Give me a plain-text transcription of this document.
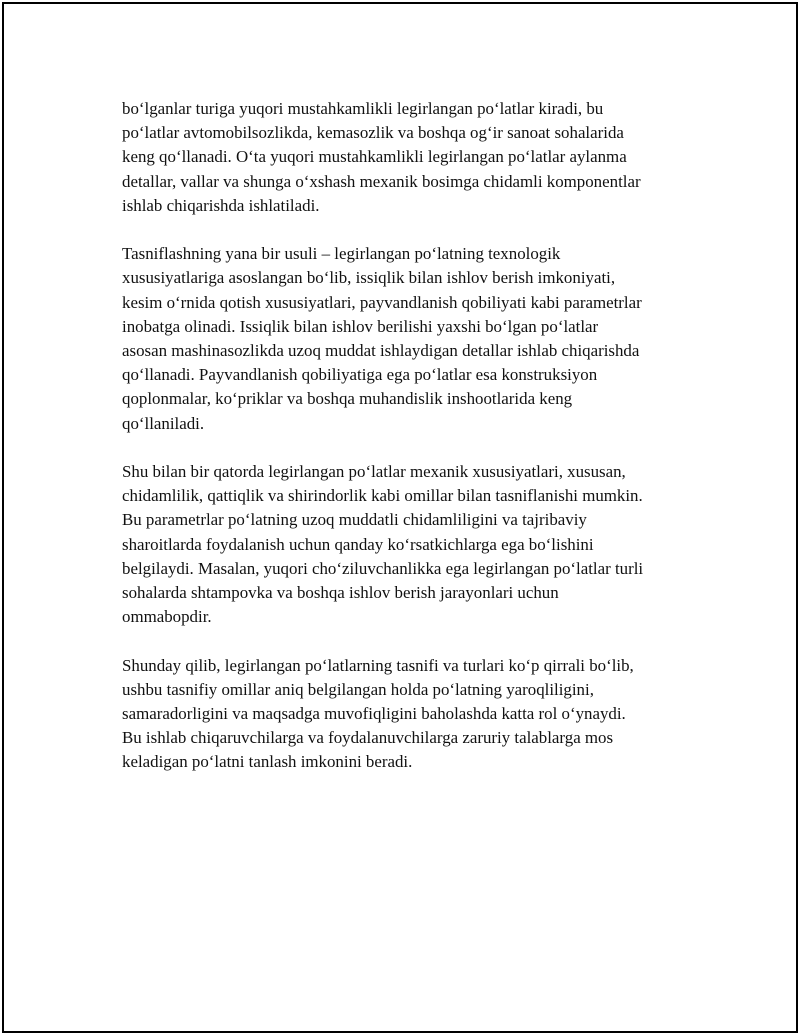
bo‘lganlar turiga yuqori mustahkamlikli legirlangan po‘latlar kiradi, bu
po‘latlar avtomobilsozlikda, kemasozlik va boshqa og‘ir sanoat sohalarida
keng qo‘llanadi. O‘ta yuqori mustahkamlikli legirlangan po‘latlar aylanma
detallar, vallar va shunga o‘xshash mexanik bosimga chidamli komponentlar
ishlab chiqarishda ishlatiladi.

Tasniflashning yana bir usuli – legirlangan po‘latning texnologik
xususiyatlariga asoslangan bo‘lib, issiqlik bilan ishlov berish imkoniyati,
kesim o‘rnida qotish xususiyatlari, payvandlanish qobiliyati kabi parametrlar
inobatga olinadi. Issiqlik bilan ishlov berilishi yaxshi bo‘lgan po‘latlar
asosan mashinasozlikda uzoq muddat ishlaydigan detallar ishlab chiqarishda
qo‘llanadi. Payvandlanish qobiliyatiga ega po‘latlar esa konstruksiyon
qoplonmalar, ko‘priklar va boshqa muhandislik inshootlarida keng
qo‘llaniladi.

Shu bilan bir qatorda legirlangan po‘latlar mexanik xususiyatlari, xususan,
chidamlilik, qattiqlik va shirindorlik kabi omillar bilan tasniflanishi mumkin.
Bu parametrlar po‘latning uzoq muddatli chidamliligini va tajribaviy
sharoitlarda foydalanish uchun qanday ko‘rsatkichlarga ega bo‘lishini
belgilaydi. Masalan, yuqori cho‘ziluvchanlikka ega legirlangan po‘latlar turli
sohalarda shtampovka va boshqa ishlov berish jarayonlari uchun
ommabopdir.

Shunday qilib, legirlangan po‘latlarning tasnifi va turlari ko‘p qirrali bo‘lib,
ushbu tasnifiy omillar aniq belgilangan holda po‘latning yaroqliligini,
samaradorligini va maqsadga muvofiqligini baholashda katta rol o‘ynaydi.
Bu ishlab chiqaruvchilarga va foydalanuvchilarga zaruriy talablarga mos
keladigan po‘latni tanlash imkonini beradi.
